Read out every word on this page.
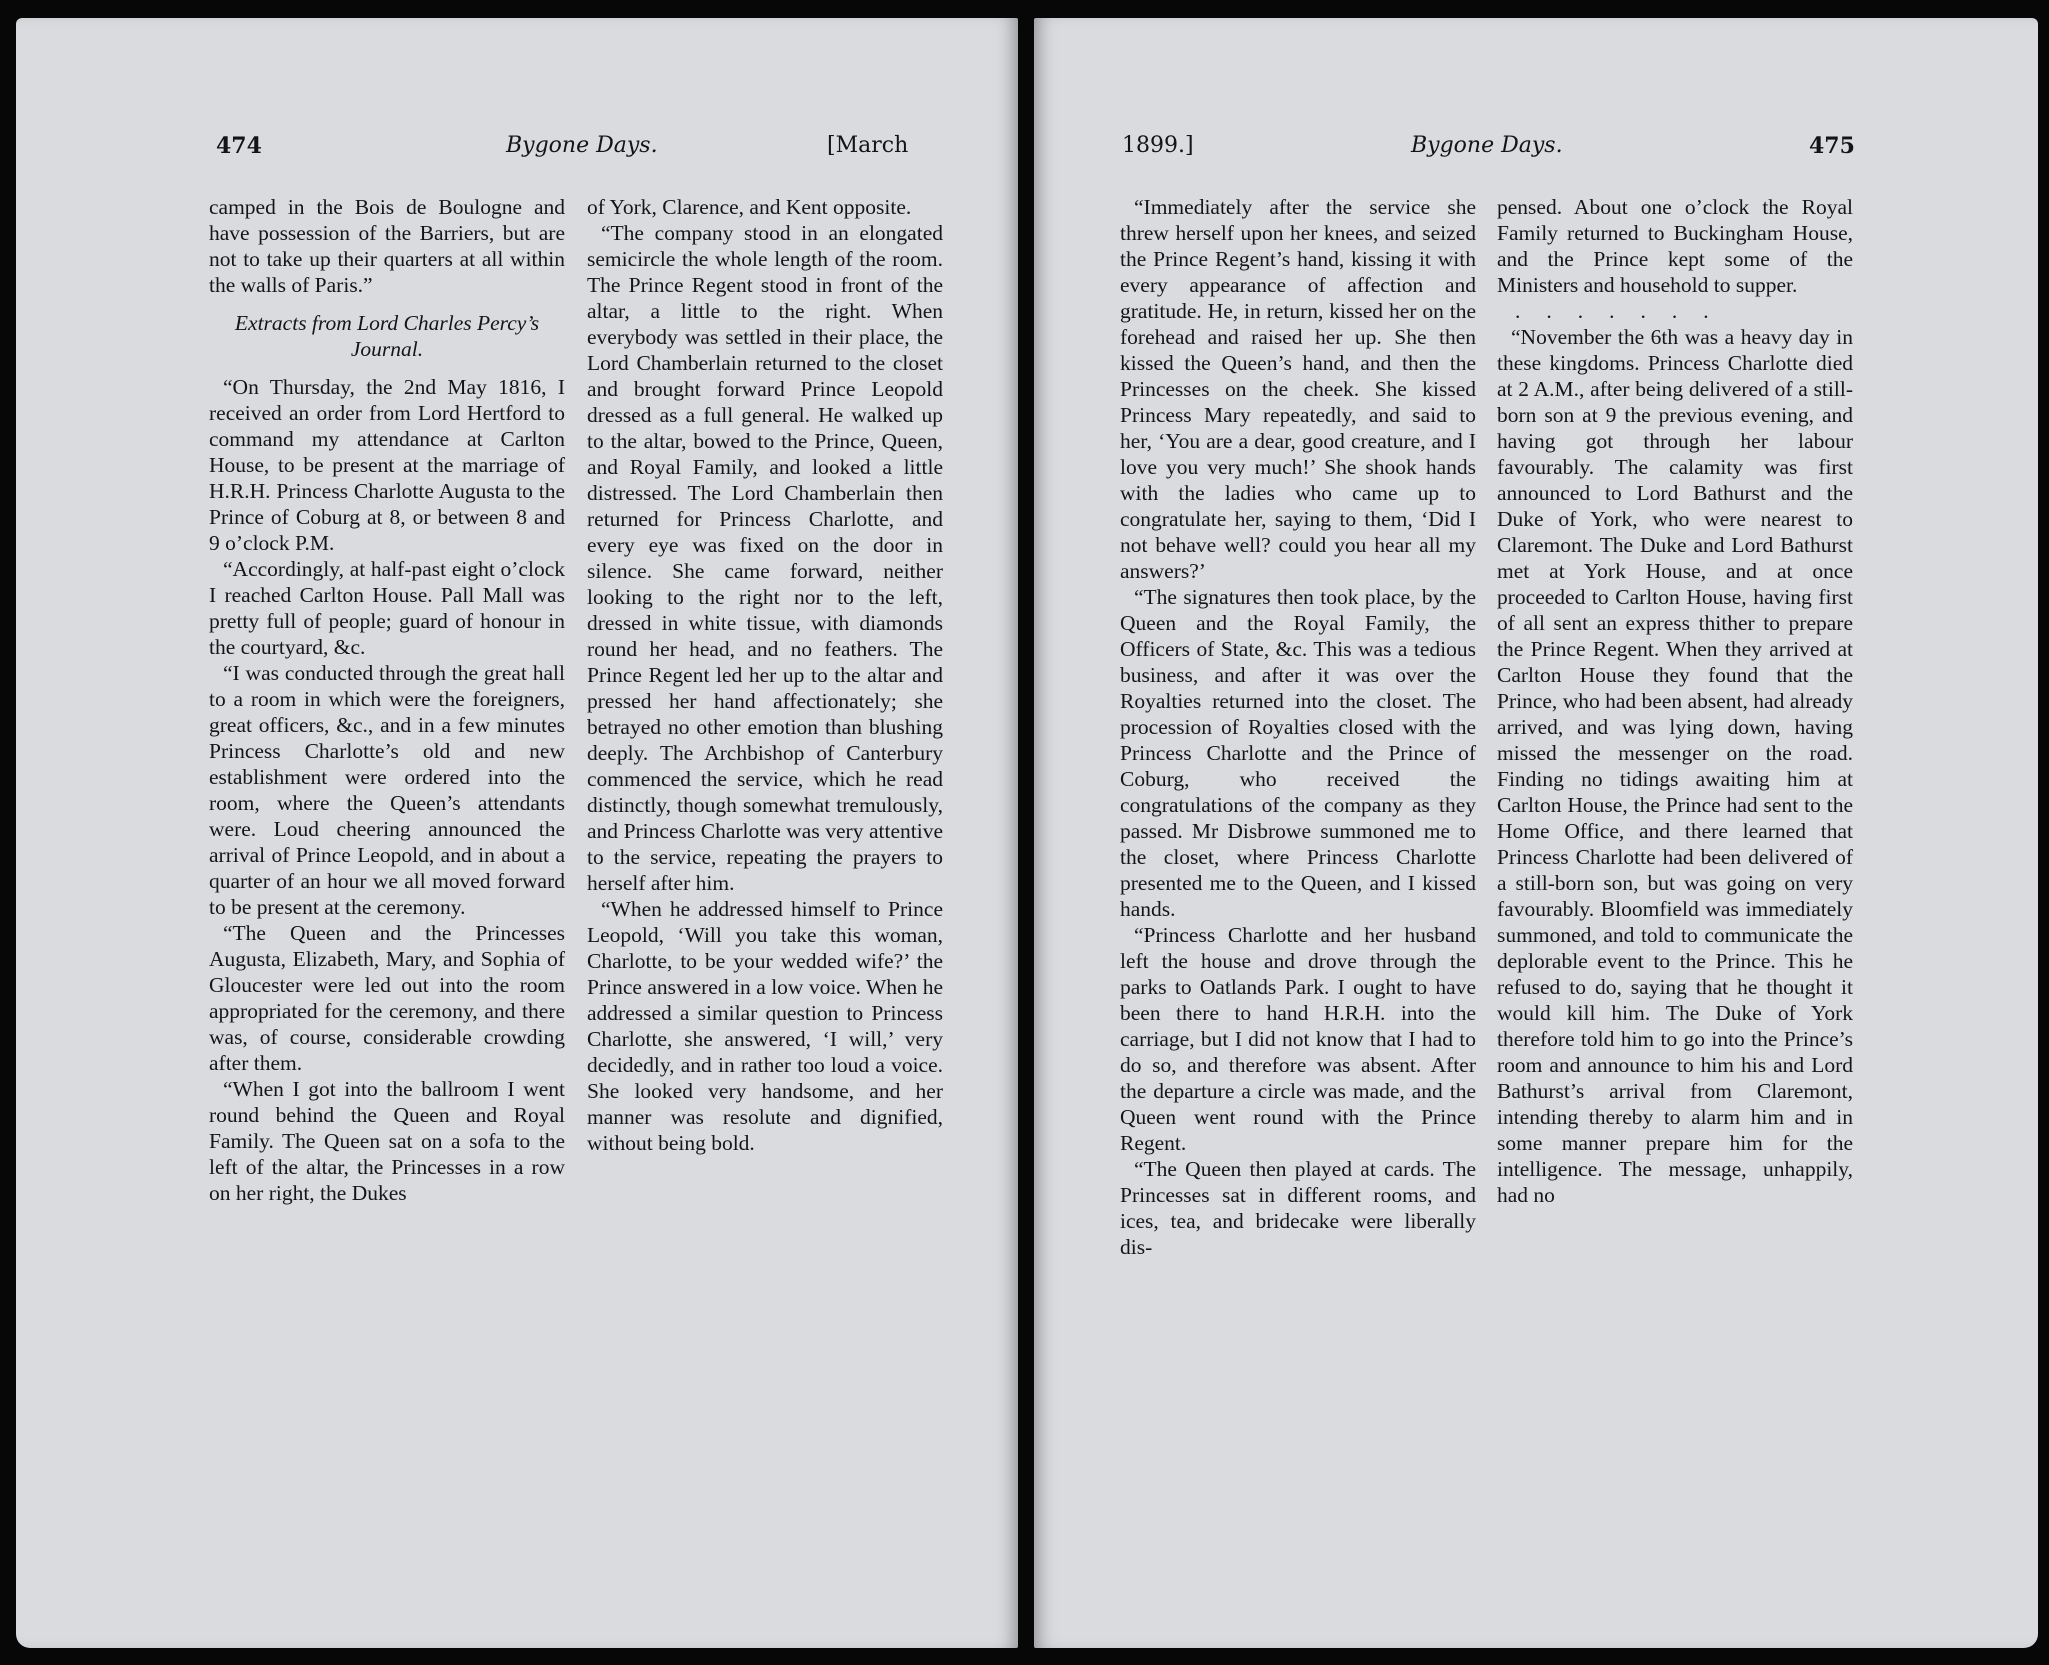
474	Bygone Days.	[March

camped in the Bois de Boulogne and have possession of the Barriers, but are not to take up their quarters at all within the walls of Paris.”

Extracts from Lord Charles Percy’s Journal.

“On Thursday, the 2nd May 1816, I received an order from Lord Hertford to command my attendance at Carlton House, to be present at the marriage of H.R.H. Princess Charlotte Augusta to the Prince of Coburg at 8, or between 8 and 9 o’clock P.M.

“Accordingly, at half-past eight o’clock I reached Carlton House. Pall Mall was pretty full of people; guard of honour in the courtyard, &c.

“I was conducted through the great hall to a room in which were the foreigners, great officers, &c., and in a few minutes Princess Charlotte’s old and new establishment were ordered into the room, where the Queen’s attendants were. Loud cheering announced the arrival of Prince Leopold, and in about a quarter of an hour we all moved forward to be present at the ceremony.

“The Queen and the Princesses Augusta, Elizabeth, Mary, and Sophia of Gloucester were led out into the room appropriated for the ceremony, and there was, of course, considerable crowding after them.

“When I got into the ballroom I went round behind the Queen and Royal Family. The Queen sat on a sofa to the left of the altar, the Princesses in a row on her right, the Dukes

of York, Clarence, and Kent opposite.

“The company stood in an elongated semicircle the whole length of the room. The Prince Regent stood in front of the altar, a little to the right. When everybody was settled in their place, the Lord Chamberlain returned to the closet and brought forward Prince Leopold dressed as a full general. He walked up to the altar, bowed to the Prince, Queen, and Royal Family, and looked a little distressed. The Lord Chamberlain then returned for Princess Charlotte, and every eye was fixed on the door in silence. She came forward, neither looking to the right nor to the left, dressed in white tissue, with diamonds round her head, and no feathers. The Prince Regent led her up to the altar and pressed her hand affectionately; she betrayed no other emotion than blushing deeply. The Archbishop of Canterbury commenced the service, which he read distinctly, though somewhat tremulously, and Princess Charlotte was very attentive to the service, repeating the prayers to herself after him.

“When he addressed himself to Prince Leopold, ‘Will you take this woman, Charlotte, to be your wedded wife?’ the Prince answered in a low voice. When he addressed a similar question to Princess Charlotte, she answered, ‘I will,’ very decidedly, and in rather too loud a voice. She looked very handsome, and her manner was resolute and dignified, without being bold.

1899.]	Bygone Days.	475

“Immediately after the service she threw herself upon her knees, and seized the Prince Regent’s hand, kissing it with every appearance of affection and gratitude. He, in return, kissed her on the forehead and raised her up. She then kissed the Queen’s hand, and then the Princesses on the cheek. She kissed Princess Mary repeatedly, and said to her, ‘You are a dear, good creature, and I love you very much!’ She shook hands with the ladies who came up to congratulate her, saying to them, ‘Did I not behave well? could you hear all my answers?’

“The signatures then took place, by the Queen and the Royal Family, the Officers of State, &c. This was a tedious business, and after it was over the Royalties returned into the closet. The procession of Royalties closed with the Princess Charlotte and the Prince of Coburg, who received the congratulations of the company as they passed. Mr Disbrowe summoned me to the closet, where Princess Charlotte presented me to the Queen, and I kissed hands.

“Princess Charlotte and her husband left the house and drove through the parks to Oatlands Park. I ought to have been there to hand H.R.H. into the carriage, but I did not know that I had to do so, and therefore was absent. After the departure a circle was made, and the Queen went round with the Prince Regent.

“The Queen then played at cards. The Princesses sat in different rooms, and ices, tea, and bridecake were liberally dis-

pensed. About one o’clock the Royal Family returned to Buckingham House, and the Prince kept some of the Ministers and household to supper.

.......

“November the 6th was a heavy day in these kingdoms. Princess Charlotte died at 2 A.M., after being delivered of a still-born son at 9 the previous evening, and having got through her labour favourably. The calamity was first announced to Lord Bathurst and the Duke of York, who were nearest to Claremont. The Duke and Lord Bathurst met at York House, and at once proceeded to Carlton House, having first of all sent an express thither to prepare the Prince Regent. When they arrived at Carlton House they found that the Prince, who had been absent, had already arrived, and was lying down, having missed the messenger on the road. Finding no tidings awaiting him at Carlton House, the Prince had sent to the Home Office, and there learned that Princess Charlotte had been delivered of a still-born son, but was going on very favourably. Bloomfield was immediately summoned, and told to communicate the deplorable event to the Prince. This he refused to do, saying that he thought it would kill him. The Duke of York therefore told him to go into the Prince’s room and announce to him his and Lord Bathurst’s arrival from Claremont, intending thereby to alarm him and in some manner prepare him for the intelligence. The message, unhappily, had no
